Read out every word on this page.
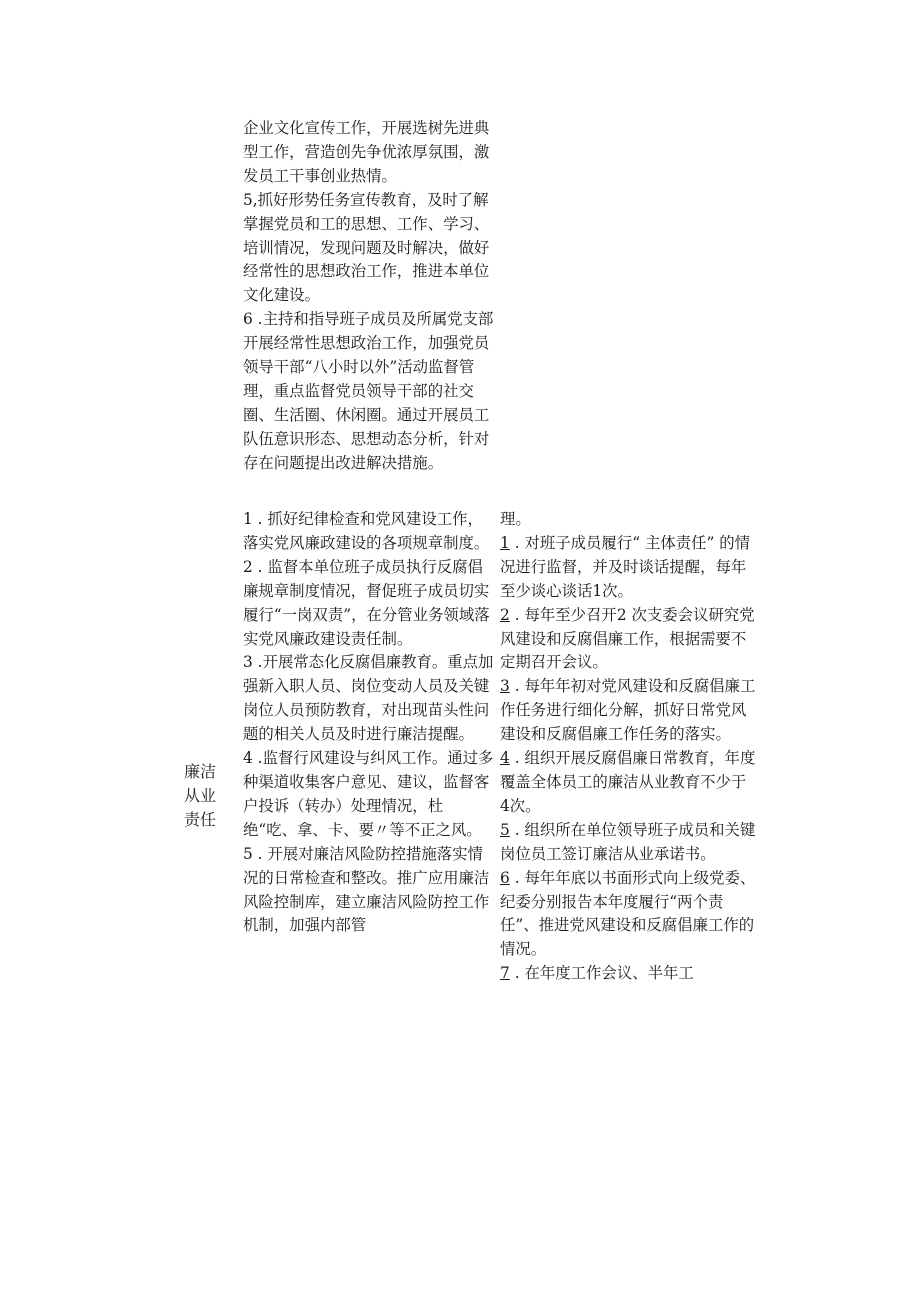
廉洁
从业
责任

企业文化宣传工作，开展选树先进典型工作，营造创先争优浓厚氛围，激发员工干事创业热情。

5,抓好形势任务宣传教育，及时了解掌握党员和工的思想、工作、学习、培训情况，发现问题及时解决，做好经常性的思想政治工作，推进本单位文化建设。

6 .主持和指导班子成员及所属党支部开展经常性思想政治工作，加强党员领导干部“八小时以外”活动监督管理，重点监督党员领导干部的社交圈、生活圈、休闲圈。通过开展员工队伍意识形态、思想动态分析，针对存在问题提出改进解决措施。

1 . 抓好纪律检查和党风建设工作，落实党风廉政建设的各项规章制度。

2 . 监督本单位班子成员执行反腐倡廉规章制度情况，督促班子成员切实履行“一岗双责”，在分管业务领域落实党风廉政建设责任制。

3 .开展常态化反腐倡廉教育。重点加强新入职人员、岗位变动人员及关键岗位人员预防教育，对出现苗头性问题的相关人员及时进行廉洁提醒。

4 .监督行风建设与纠风工作。通过多种渠道收集客户意见、建议，监督客户投诉（转办）处理情况，杜绝“吃、拿、卡、要〃等不正之风。

5 . 开展对廉洁风险防控措施落实情况的日常检查和整改。推广应用廉洁风险控制库，建立廉洁风险防控工作机制，加强内部管

理。

1 . 对班子成员履行“ 主体责任” 的情况进行监督，并及时谈话提醒，每年至少谈心谈话1次。

2 . 每年至少召开2 次支委会议研究党风建设和反腐倡廉工作，根据需要不定期召开会议。

3 . 每年年初对党风建设和反腐倡廉工作任务进行细化分解，抓好日常党风建设和反腐倡廉工作任务的落实。

4 . 组织开展反腐倡廉日常教育，年度覆盖全体员工的廉洁从业教育不少于4次。

5 . 组织所在单位领导班子成员和关键岗位员工签订廉洁从业承诺书。

6 . 每年年底以书面形式向上级党委、纪委分别报告本年度履行“两个责任”、推进党风建设和反腐倡廉工作的情况。

7 . 在年度工作会议、半年工
